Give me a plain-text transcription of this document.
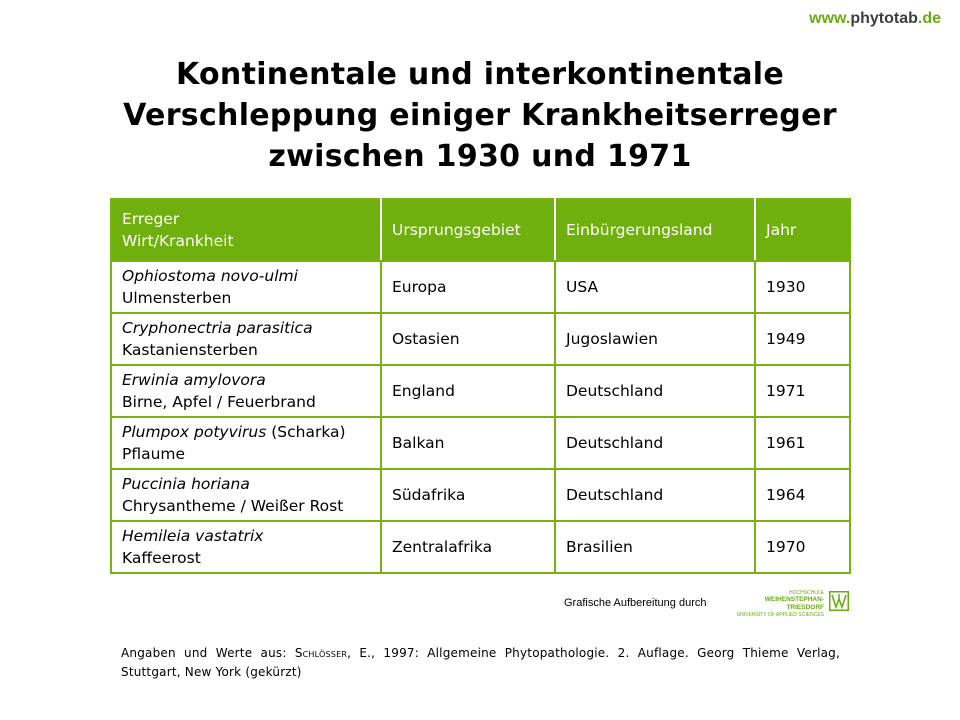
www.phytotab.de
Kontinentale und interkontinentale
Verschleppung einiger Krankheitserreger
zwischen 1930 und 1971
Erreger
Wirt/Krankheit	Ursprungsgebiet	Einbürgerungsland	Jahr

Ophiostoma novo-ulmi
Ulmensterben	Europa	USA	1930

Cryphonectria parasitica
Kastaniensterben	Ostasien	Jugoslawien	1949

Erwinia amylovora
Birne, Apfel / Feuerbrand	England	Deutschland	1971

Plumpox potyvirus (Scharka)
Pflaume	Balkan	Deutschland	1961

Puccinia horiana
Chrysantheme / Weißer Rost	Südafrika	Deutschland	1964

Hemileia vastatrix
Kaffeerost	Zentralafrika	Brasilien	1970
Grafische Aufbereitung durch
HOCHSCHULE
WEIHENSTEPHAN-TRIESDORF
UNIVERSITY OF APPLIED SCIENCES
Angaben und Werte aus: Schlösser, E., 1997: Allgemeine Phytopathologie. 2. Auflage. Georg Thieme Verlag, Stuttgart, New York (gekürzt)
